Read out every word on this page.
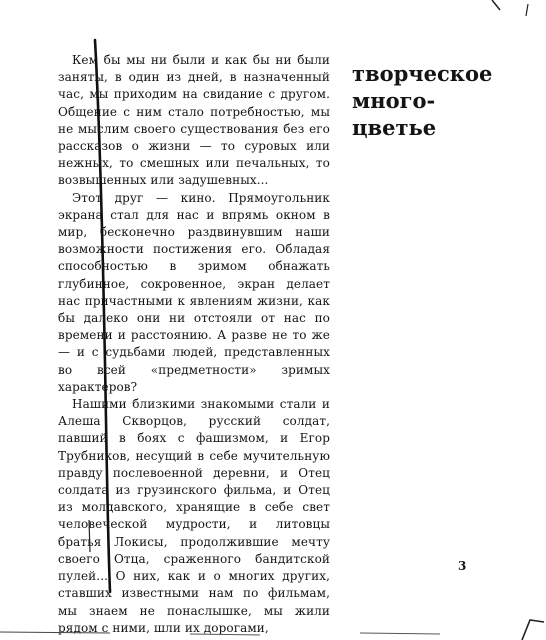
Кем бы мы ни были и как бы ни были заняты, в один из дней, в назначенный час, мы приходим на свидание с другом. Общение с ним стало потребностью, мы не мыслим своего существования без его рассказов о жизни — то суровых или нежных, то смешных или печальных, то возвышенных или задушевных...

Этот друг — кино. Прямоугольник экрана стал для нас и впрямь окном в мир, бесконечно раздвинувшим наши возможности постижения его. Обладая способностью в зримом обнажать глубинное, сокровенное, экран делает нас причастными к явлениям жизни, как бы далеко они ни отстояли от нас по времени и расстоянию. А разве не то же — и с судьбами людей, представленных во всей «предметности» зримых характеров?

Нашими близкими знакомыми стали и Алеша Скворцов, русский солдат, павший в боях с фашизмом, и Егор Трубников, несущий в себе мучительную правду послевоенной деревни, и Отец солдата из грузинского фильма, и Отец из молдавского, хранящие в себе свет человеческой мудрости, и литовцы братья Локисы, продолжившие мечту своего Отца, сраженного бандитской пулей... О них, как и о многих других, ставших известными нам по фильмам, мы знаем не понаслышке, мы жили рядом с ними, шли их дорогами,

творческое
много-
цветье
3
